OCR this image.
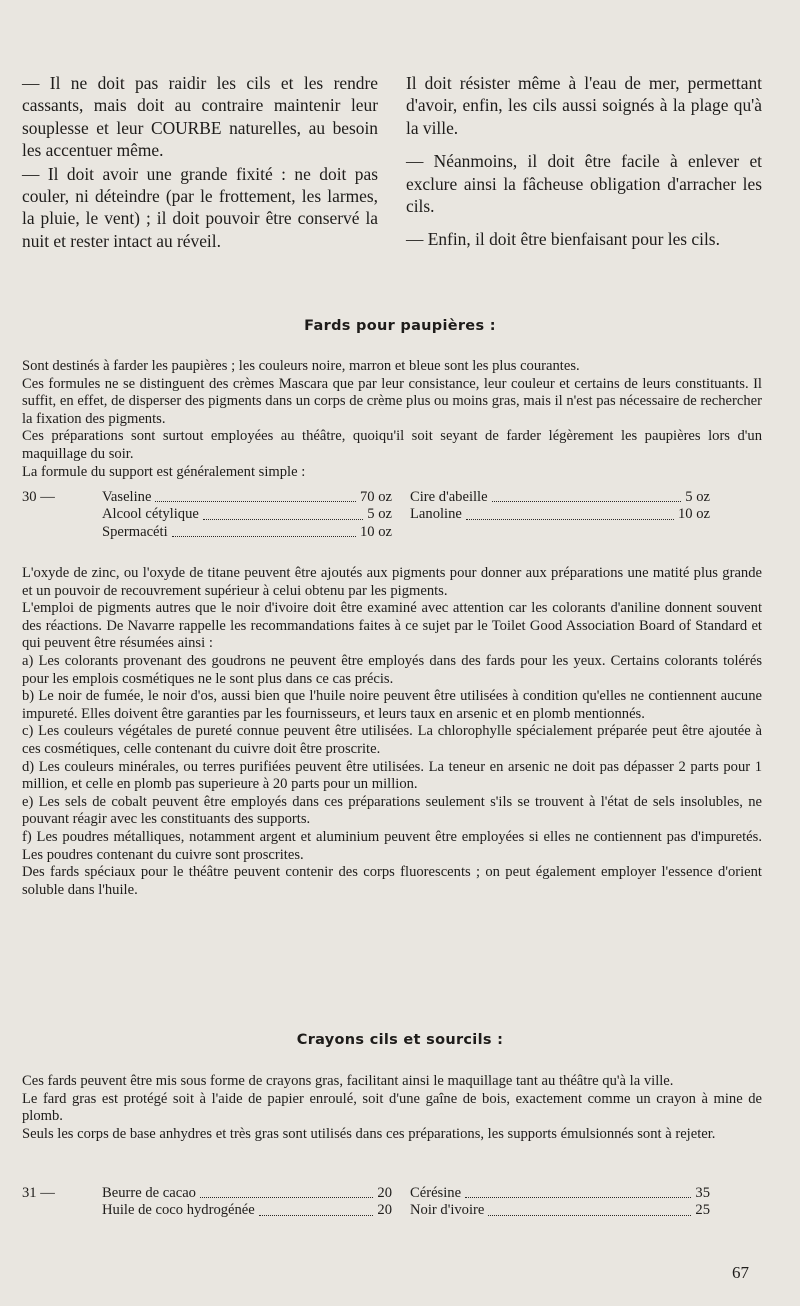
— Il ne doit pas raidir les cils et les rendre cassants, mais doit au contraire maintenir leur souplesse et leur COURBE naturelles, au besoin les accentuer même.

— Il doit avoir une grande fixité : ne doit pas couler, ni déteindre (par le frottement, les larmes, la pluie, le vent) ; il doit pouvoir être conservé la nuit et rester intact au réveil.

Il doit résister même à l'eau de mer, permettant d'avoir, enfin, les cils aussi soignés à la plage qu'à la ville.

— Néanmoins, il doit être facile à enlever et exclure ainsi la fâcheuse obligation d'arracher les cils.

— Enfin, il doit être bienfaisant pour les cils.

Fards pour paupières :

Sont destinés à farder les paupières ; les couleurs noire, marron et bleue sont les plus courantes.

Ces formules ne se distinguent des crèmes Mascara que par leur consistance, leur couleur et certains de leurs constituants. Il suffit, en effet, de disperser des pigments dans un corps de crème plus ou moins gras, mais il n'est pas nécessaire de rechercher la fixation des pigments.

Ces préparations sont surtout employées au théâtre, quoiqu'il soit seyant de farder légèrement les paupières lors d'un maquillage du soir.

La formule du support est généralement simple :

30 —	Vaseline	70 oz Cire d'abeille	5 oz
Alcool cétylique	5 oz Lanoline	10 oz
Spermacéti	10 oz

L'oxyde de zinc, ou l'oxyde de titane peuvent être ajoutés aux pigments pour donner aux préparations une matité plus grande et un pouvoir de recouvrement supérieur à celui obtenu par les pigments.

L'emploi de pigments autres que le noir d'ivoire doit être examiné avec attention car les colorants d'aniline donnent souvent des réactions. De Navarre rappelle les recommandations faites à ce sujet par le Toilet Good Association Board of Standard et qui peuvent être résumées ainsi :

a) Les colorants provenant des goudrons ne peuvent être employés dans des fards pour les yeux. Certains colorants tolérés pour les emplois cosmétiques ne le sont plus dans ce cas précis.

b) Le noir de fumée, le noir d'os, aussi bien que l'huile noire peuvent être utilisées à condition qu'elles ne contiennent aucune impureté. Elles doivent être garanties par les fournisseurs, et leurs taux en arsenic et en plomb mentionnés.

c) Les couleurs végétales de pureté connue peuvent être utilisées. La chlorophylle spécialement préparée peut être ajoutée à ces cosmétiques, celle contenant du cuivre doit être proscrite.

d) Les couleurs minérales, ou terres purifiées peuvent être utilisées. La teneur en arsenic ne doit pas dépasser 2 parts pour 1 million, et celle en plomb pas superieure à 20 parts pour un million.

e) Les sels de cobalt peuvent être employés dans ces préparations seulement s'ils se trouvent à l'état de sels insolubles, ne pouvant réagir avec les constituants des supports.

f) Les poudres métalliques, notamment argent et aluminium peuvent être employées si elles ne contiennent pas d'impuretés. Les poudres contenant du cuivre sont proscrites.

Des fards spéciaux pour le théâtre peuvent contenir des corps fluorescents ; on peut également employer l'essence d'orient soluble dans l'huile.

Crayons cils et sourcils :

Ces fards peuvent être mis sous forme de crayons gras, facilitant ainsi le maquillage tant au théâtre qu'à la ville.

Le fard gras est protégé soit à l'aide de papier enroulé, soit d'une gaîne de bois, exactement comme un crayon à mine de plomb.

Seuls les corps de base anhydres et très gras sont utilisés dans ces préparations, les supports émulsionnés sont à rejeter.

31 —	Beurre de cacao	20 Cérésine	35
Huile de coco hydrogénée	20 Noir d'ivoire	25
67
